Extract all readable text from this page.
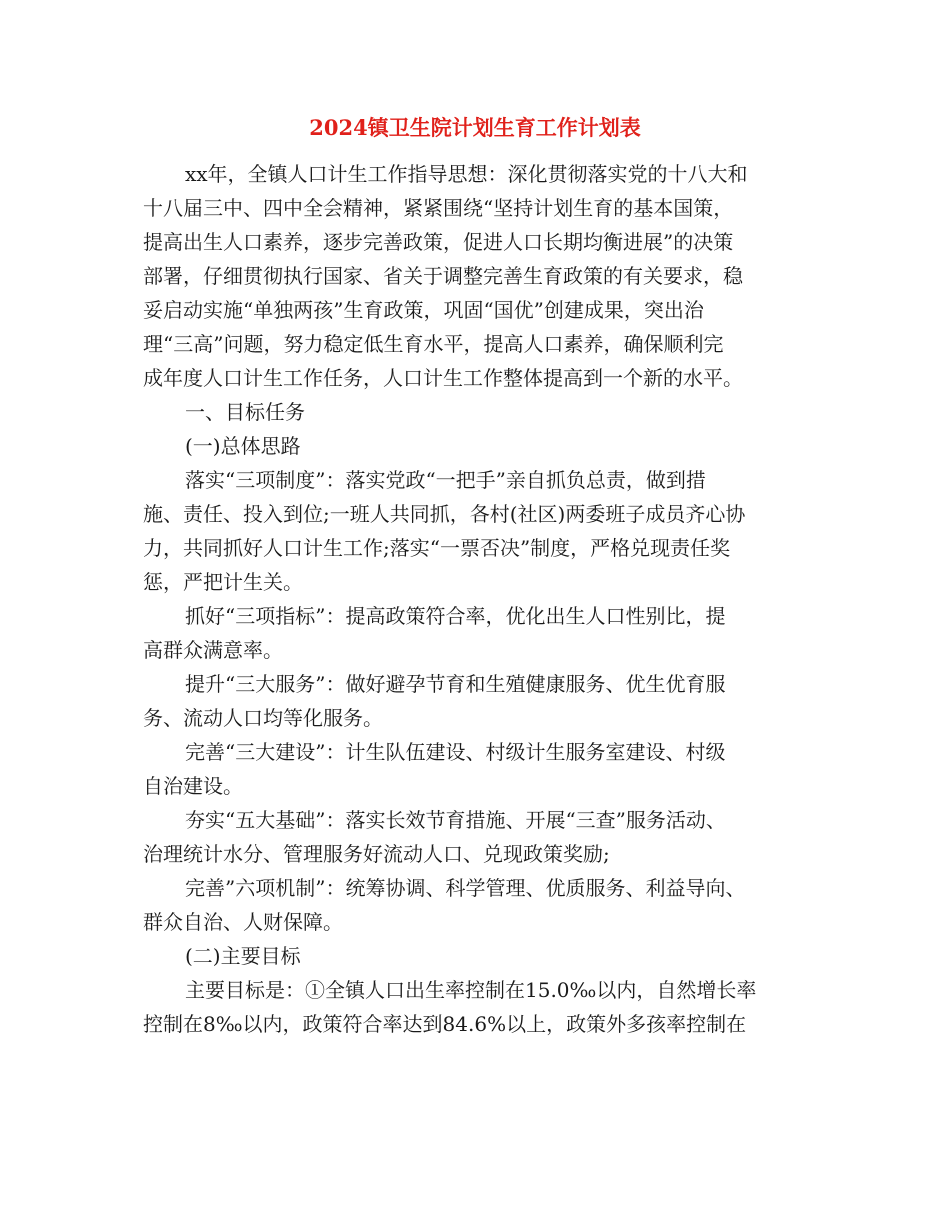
2024镇卫生院计划生育工作计划表

xx年，全镇人口计生工作指导思想：深化贯彻落实党的十八大和

十八届三中、四中全会精神，紧紧围绕“坚持计划生育的基本国策，

提高出生人口素养，逐步完善政策，促进人口长期均衡进展”的决策

部署，仔细贯彻执行国家、省关于调整完善生育政策的有关要求，稳

妥启动实施“单独两孩”生育政策，巩固“国优”创建成果，突出治

理“三高”问题，努力稳定低生育水平，提高人口素养，确保顺利完

成年度人口计生工作任务，人口计生工作整体提高到一个新的水平。

一、目标任务

(一)总体思路

落实“三项制度”：落实党政“一把手”亲自抓负总责，做到措

施、责任、投入到位;一班人共同抓，各村(社区)两委班子成员齐心协

力，共同抓好人口计生工作;落实“一票否决”制度，严格兑现责任奖

惩，严把计生关。

抓好“三项指标”：提高政策符合率，优化出生人口性别比，提

高群众满意率。

提升“三大服务”：做好避孕节育和生殖健康服务、优生优育服

务、流动人口均等化服务。

完善“三大建设”：计生队伍建设、村级计生服务室建设、村级

自治建设。

夯实“五大基础”：落实长效节育措施、开展“三查”服务活动、

治理统计水分、管理服务好流动人口、兑现政策奖励;

完善”六项机制”：统筹协调、科学管理、优质服务、利益导向、

群众自治、人财保障。

(二)主要目标

主要目标是：①全镇人口出生率控制在15.0‰以内，自然增长率

控制在8‰以内，政策符合率达到84.6%以上，政策外多孩率控制在
